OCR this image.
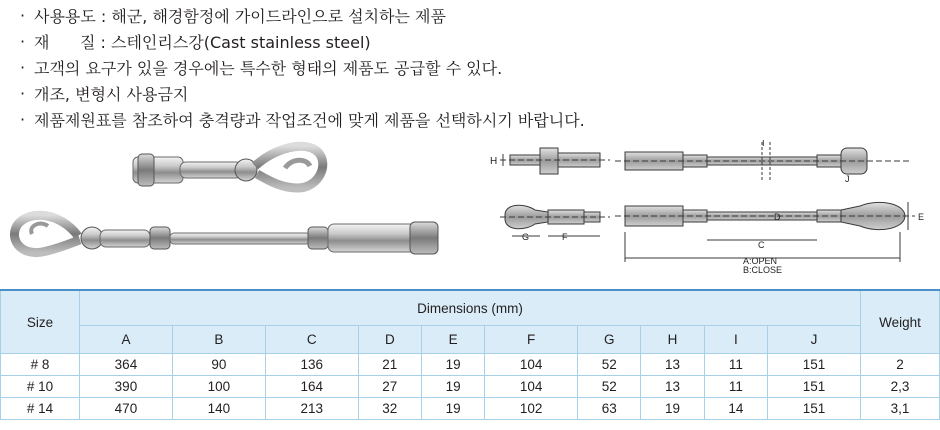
· 사용용도 : 해군, 해경함정에 가이드라인으로 설치하는 제품
· 재      질 : 스테인리스강(Cast stainless steel)
· 고객의 요구가 있을 경우에는 특수한 형태의 제품도 공급할 수 있다.
· 개조, 변형시 사용금지
· 제품제원표를 참조하여 충격량과 작업조건에 맞게 제품을 선택하시기 바랍니다.
H
I
J
G	F
D	E
C
A:OPEN
B:CLOSE
Size	Dimensions (mm)										Weight
	A	B	C	D	E	F	G	H	I	J	
# 8	364	90	136	21	19	104	52	13	11	151	2
# 10	390	100	164	27	19	104	52	13	11	151	2,3
# 14	470	140	213	32	19	102	63	19	14	151	3,1
